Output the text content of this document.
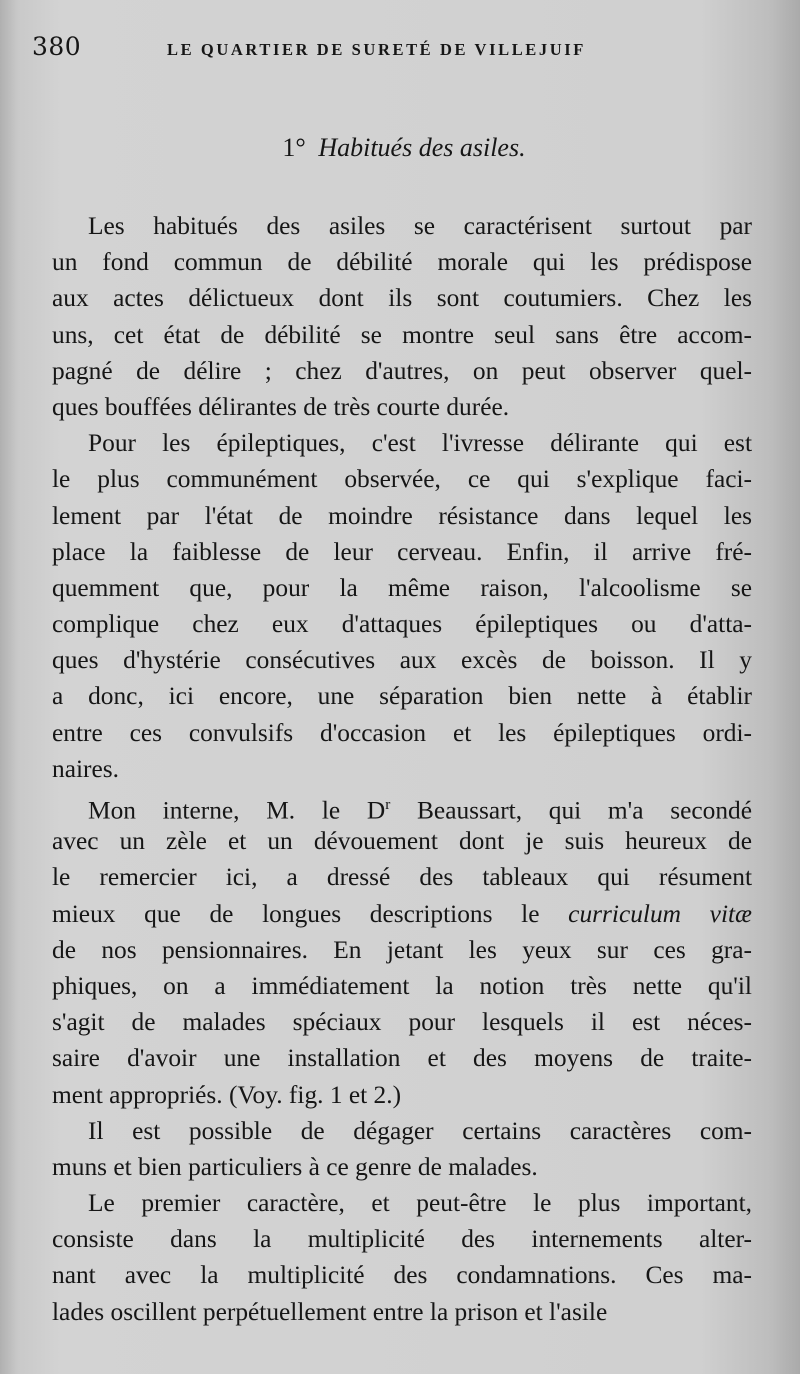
380	LE QUARTIER DE SURETÉ DE VILLEJUIF
1° Habitués des asiles.
Les habitués des asiles se caractérisent surtout par
un fond commun de débilité morale qui les prédispose
aux actes délictueux dont ils sont coutumiers. Chez les
uns, cet état de débilité se montre seul sans être accom-
pagné de délire ; chez d'autres, on peut observer quel-
ques bouffées délirantes de très courte durée.
Pour les épileptiques, c'est l'ivresse délirante qui est
le plus communément observée, ce qui s'explique faci-
lement par l'état de moindre résistance dans lequel les
place la faiblesse de leur cerveau. Enfin, il arrive fré-
quemment que, pour la même raison, l'alcoolisme se
complique chez eux d'attaques épileptiques ou d'atta-
ques d'hystérie consécutives aux excès de boisson. Il y
a donc, ici encore, une séparation bien nette à établir
entre ces convulsifs d'occasion et les épileptiques ordi-
naires.
Mon interne, M. le $D^r$ Beaussart, qui m'a secondé
avec un zèle et un dévouement dont je suis heureux de
le remercier ici, a dressé des tableaux qui résument
mieux que de longues descriptions le curriculum vitæ
de nos pensionnaires. En jetant les yeux sur ces gra-
phiques, on a immédiatement la notion très nette qu'il
s'agit de malades spéciaux pour lesquels il est néces-
saire d'avoir une installation et des moyens de traite-
ment appropriés. (Voy. fig. 1 et 2.)
Il est possible de dégager certains caractères com-
muns et bien particuliers à ce genre de malades.
Le premier caractère, et peut-être le plus important,
consiste dans la multiplicité des internements alter-
nant avec la multiplicité des condamnations. Ces ma-
lades oscillent perpétuellement entre la prison et l'asile
